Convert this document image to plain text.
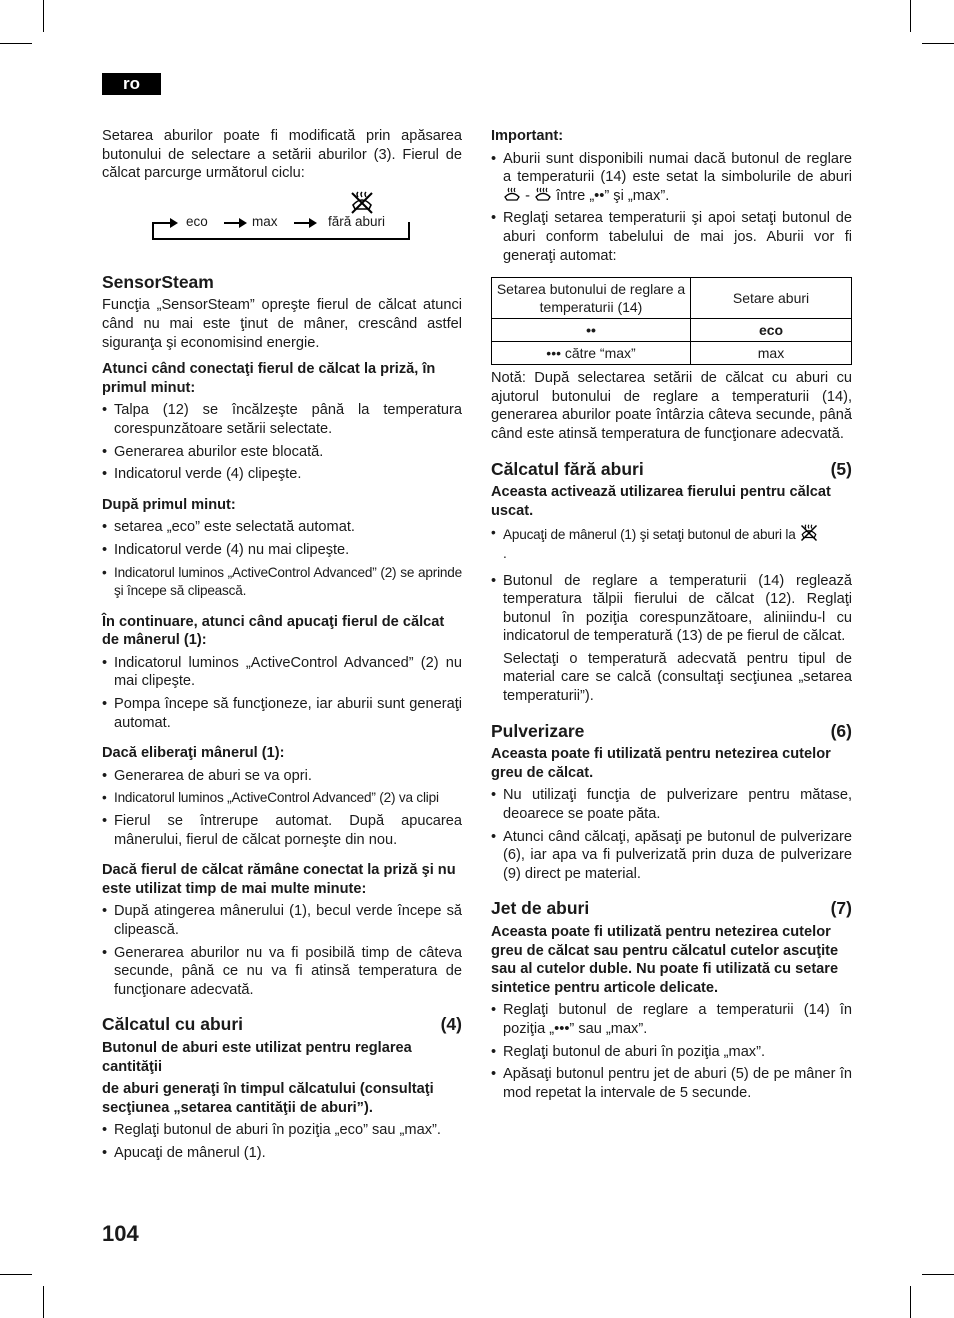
ro

Setarea aburilor poate fi modificată prin apăsarea butonului de selectare a setării aburilor (3). Fierul de călcat parcurge următorul ciclu:

eco	max	fără aburi
SensorSteam

Funcţia „SensorSteam” opreşte fierul de călcat atunci când nu mai este ţinut de mâner, crescând astfel siguranţa şi economisind energie.

Atunci când conectaţi fierul de călcat la priză, în primul minut:

• Talpa (12) se încălzeşte până la temperatura corespunzătoare setării selectate.
• Generarea aburilor este blocată.
• Indicatorul verde (4) clipeşte.

După primul minut:

• setarea „eco” este selectată automat.
• Indicatorul verde (4) nu mai clipeşte.
• Indicatorul luminos „ActiveControl Advanced” (2) se aprinde şi începe să clipească.

În continuare, atunci când apucaţi fierul de călcat de mânerul (1):

• Indicatorul luminos „ActiveControl Advanced” (2) nu mai clipeşte.
• Pompa începe să funcţioneze, iar aburii sunt generaţi automat.

Dacă eliberaţi mânerul (1):

• Generarea de aburi se va opri.
• Indicatorul luminos „ActiveControl Advanced” (2) va clipi
• Fierul se întrerupe automat. După apucarea mânerului, fierul de călcat porneşte din nou.

Dacă fierul de călcat rămâne conectat la priză şi nu este utilizat timp de mai multe minute:

• După atingerea mânerului (1), becul verde începe să clipească.
• Generarea aburilor nu va fi posibilă timp de câteva secunde, până ce nu va fi atinsă temperatura de funcţionare adecvată.
Călcatul cu aburi	(4)

Butonul de aburi este utilizat pentru reglarea cantităţii

de aburi generaţi în timpul călcatului (consultaţi secţiunea „setarea cantităţii de aburi”).

• Reglaţi butonul de aburi în poziţia „eco” sau „max”.
• Apucaţi de mânerul (1).

Important:

• Aburii sunt disponibili numai dacă butonul de reglare a temperaturii (14) este setat la simbolurile de aburi  - între „••” şi „max”.
• Reglaţi setarea temperaturii şi apoi setaţi butonul de aburi conform tabelului de mai jos. Aburii vor fi generaţi automat:
Setarea butonului de reglare a temperaturii (14)	Setare aburi
••	eco
••• către “max”	max

Notă: După selectarea setării de călcat cu aburi cu ajutorul butonului de reglare a temperaturii (14), generarea aburilor poate întârzia câteva secunde, până când este atinsă temperatura de funcţionare adecvată.

Călcatul fără aburi	(5)

Aceasta activează utilizarea fierului pentru călcat uscat.

• Apucaţi de mânerul (1) şi setaţi butonul de aburi la
.
• Butonul de reglare a temperaturii (14) reglează temperatura tălpii fierului de călcat (12). Reglaţi butonul în poziţia corespunzătoare, aliniindu-l cu indicatorul de temperatură (13) de pe fierul de călcat.

Selectaţi o temperatură adecvată pentru tipul de material care se calcă (consultaţi secţiunea „setarea temperaturii”).

Pulverizare	(6)

Aceasta poate fi utilizată pentru netezirea cutelor greu de călcat.

• Nu utilizaţi funcţia de pulverizare pentru mătase, deoarece se poate păta.
• Atunci când călcaţi, apăsaţi pe butonul de pulverizare (6), iar apa va fi pulverizată prin duza de pulverizare (9) direct pe material.
Jet de aburi	(7)

Aceasta poate fi utilizată pentru netezirea cutelor greu de călcat sau pentru călcatul cutelor ascuţite sau al cutelor duble. Nu poate fi utilizată cu setare sintetice pentru articole delicate.

• Reglaţi butonul de reglare a temperaturii (14) în poziţia „•••” sau „max”.
• Reglaţi butonul de aburi în poziţia „max”.
• Apăsaţi butonul pentru jet de aburi (5) de pe mâner în mod repetat la intervale de 5 secunde.
104
